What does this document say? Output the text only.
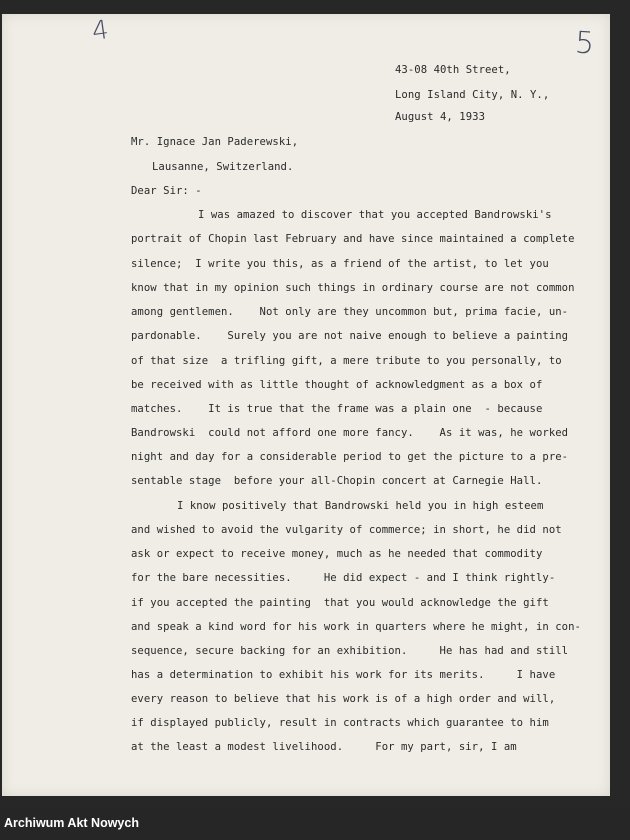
4	5
43-08 40th Street,
Long Island City, N. Y.,
August 4, 1933
Mr. Ignace Jan Paderewski,
Lausanne, Switzerland.
Dear Sir: -
I was amazed to discover that you accepted Bandrowski's
portrait of Chopin last February and have since maintained a complete
silence;  I write you this, as a friend of the artist, to let you
know that in my opinion such things in ordinary course are not common
among gentlemen.    Not only are they uncommon but, prima facie, un-
pardonable.    Surely you are not naive enough to believe a painting
of that size  a trifling gift, a mere tribute to you personally, to
be received with as little thought of acknowledgment as a box of
matches.    It is true that the frame was a plain one  - because
Bandrowski  could not afford one more fancy.    As it was, he worked
night and day for a considerable period to get the picture to a pre-
sentable stage  before your all-Chopin concert at Carnegie Hall.
I know positively that Bandrowski held you in high esteem
and wished to avoid the vulgarity of commerce; in short, he did not
ask or expect to receive money, much as he needed that commodity
for the bare necessities.     He did expect - and I think rightly-
if you accepted the painting  that you would acknowledge the gift
and speak a kind word for his work in quarters where he might, in con-
sequence, secure backing for an exhibition.     He has had and still
has a determination to exhibit his work for its merits.     I have
every reason to believe that his work is of a high order and will,
if displayed publicly, result in contracts which guarantee to him
at the least a modest livelihood.     For my part, sir, I am
Archiwum Akt Nowych
